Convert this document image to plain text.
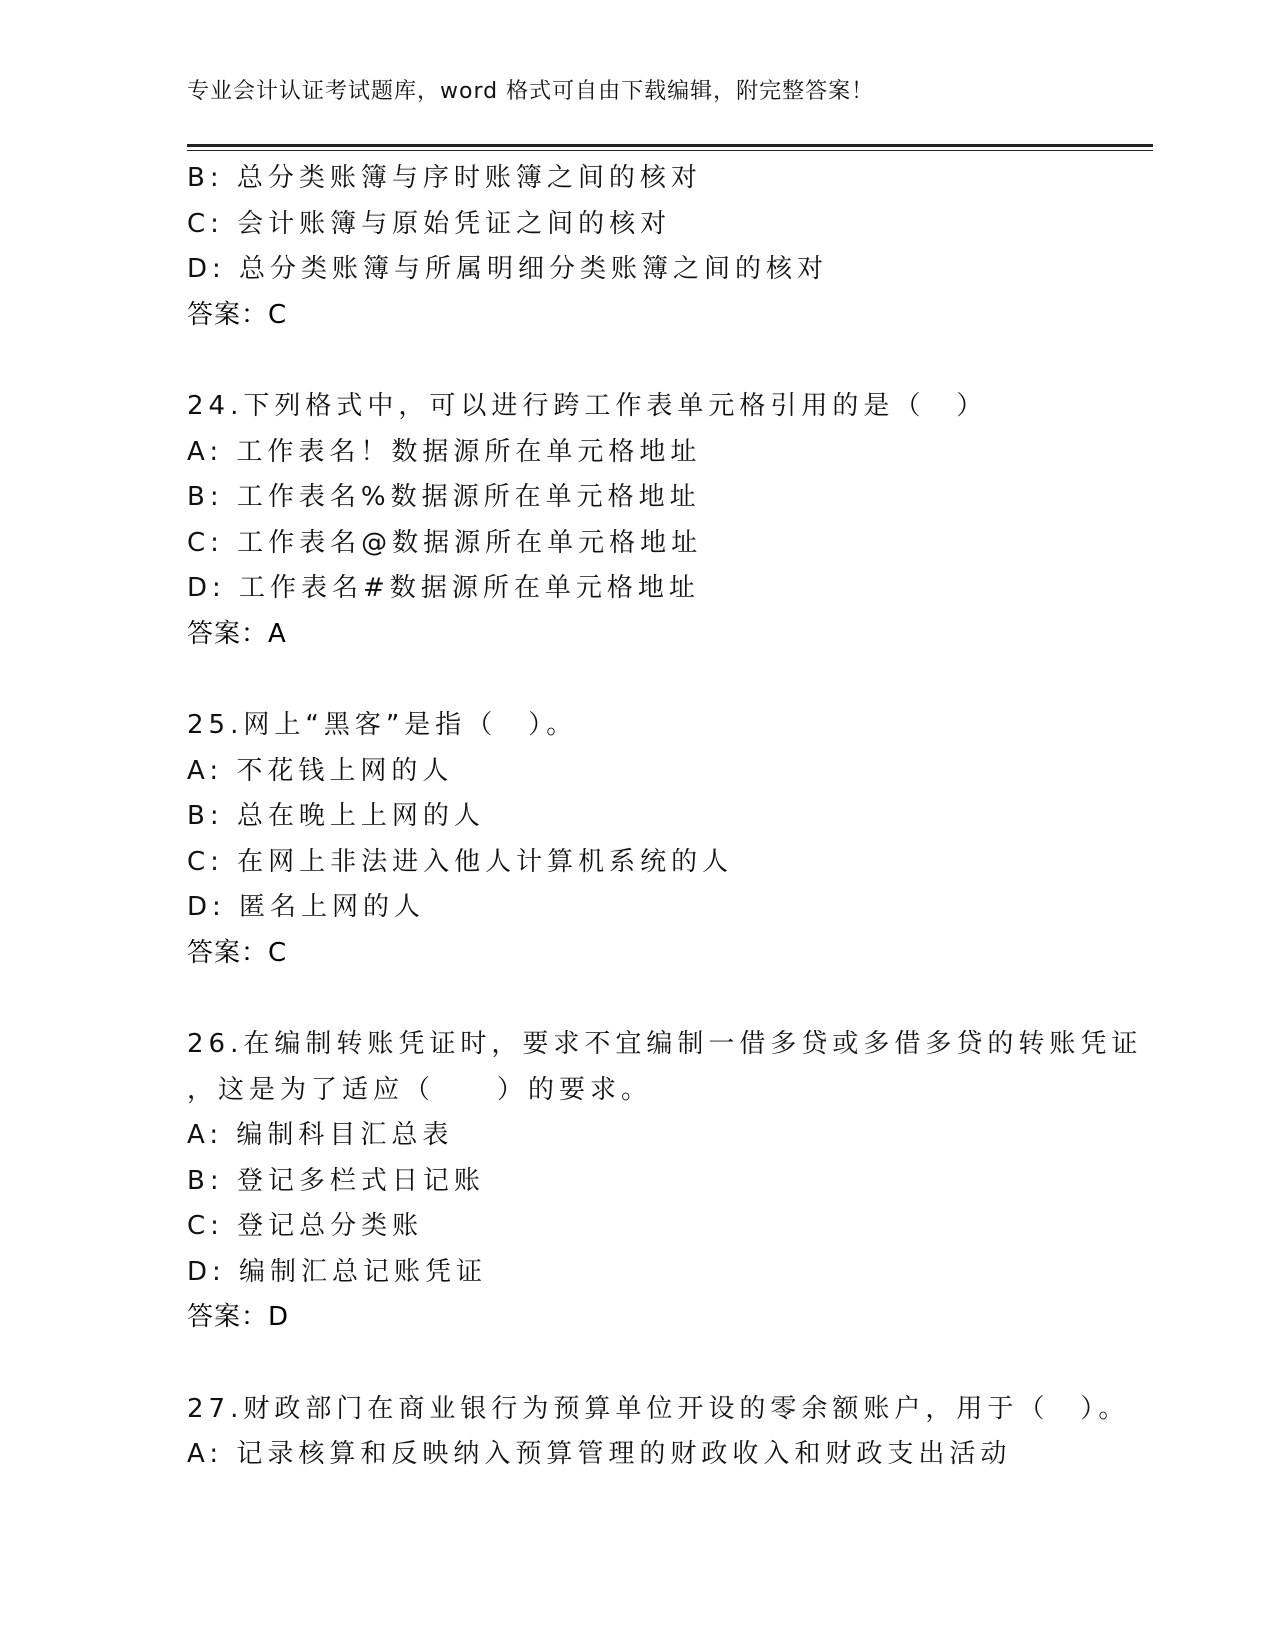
专业会计认证考试题库，word 格式可自由下载编辑，附完整答案！
B: 总分类账簿与序时账簿之间的核对
C: 会计账簿与原始凭证之间的核对
D: 总分类账簿与所属明细分类账簿之间的核对
答案：C
24.下列格式中，可以进行跨工作表单元格引用的是（　）
A: 工作表名！数据源所在单元格地址
B: 工作表名%数据源所在单元格地址
C: 工作表名@数据源所在单元格地址
D: 工作表名#数据源所在单元格地址
答案：A
25.网上“黑客”是指（　）。
A: 不花钱上网的人
B: 总在晚上上网的人
C: 在网上非法进入他人计算机系统的人
D: 匿名上网的人
答案：C
26.在编制转账凭证时，要求不宜编制一借多贷或多借多贷的转账凭证
，这是为了适应（　　）的要求。
A: 编制科目汇总表
B: 登记多栏式日记账
C: 登记总分类账
D: 编制汇总记账凭证
答案：D
27.财政部门在商业银行为预算单位开设的零余额账户，用于（　）。
A: 记录核算和反映纳入预算管理的财政收入和财政支出活动
